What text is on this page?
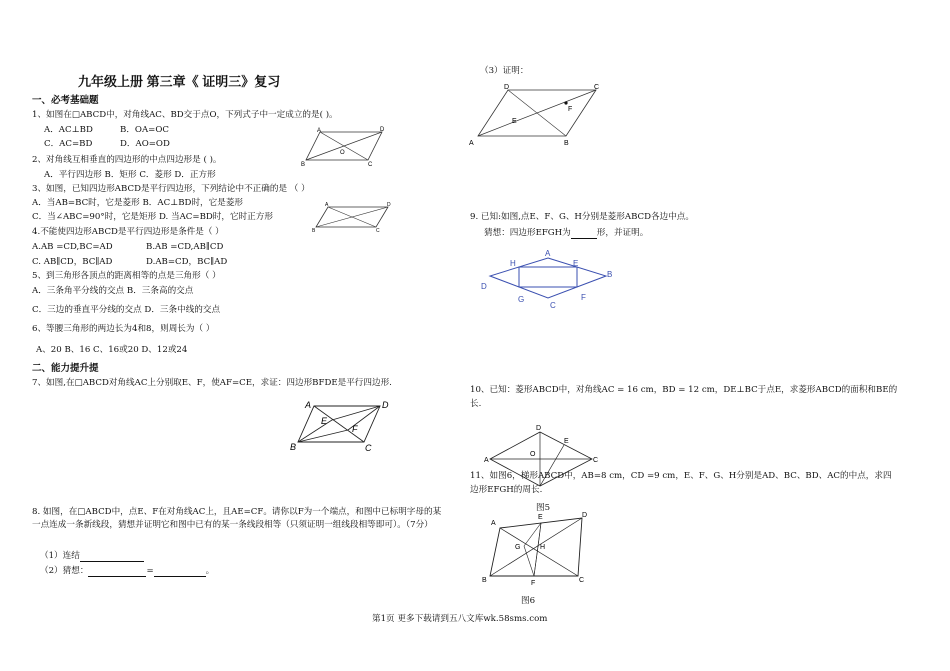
九年级上册 第三章《 证明三》复习
一、必考基础题
1、如图在□ABCD中，对角线AC、BD交于点O，下列式子中一定成立的是( )。
A．AC⊥BD	B．OA=OC
C．AC=BD	D．AO=OD
A	D
B	C
O
2、对角线互相垂直的四边形的中点四边形是 ( )。
A．平行四边形 B．矩形 C．菱形 D．正方形
3、如图，已知四边形ABCD是平行四边形，下列结论中不正确的是 （ ）
A．当AB=BC时，它是菱形 B．AC⊥BD时，它是菱形
C．当∠ABC=90°时，它是矩形 D. 当AC=BD时，它时正方形
A	D
B	C
4.不能使四边形ABCD是平行四边形是条件是（ ）
A.AB =CD,BC=AD	B.AB =CD,AB∥CD
C. AB∥CD，BC∥AD	D.AB=CD，BC∥AD
5、到三角形各顶点的距离相等的点是三角形（ ）
A．三条角平分线的交点 B．三条高的交点
C．三边的垂直平分线的交点 D．三条中线的交点
6、等腰三角形的两边长为4和8，则周长为（ ）
A、20 B、16 C、16或20 D、12或24
二、能力提升提
7、如图,在□ABCD对角线AC上分别取E、F，使AF=CE，求证：四边形BFDE是平行四边形.
A	D
B	C
E
F
8. 如图，在□ABCD中，点E、F在对角线AC上，且AE=CF。请你以F为一个端点，和图中已标明字母的某一点连成一条新线段，猜想并证明它和图中已有的某一条线段相等（只须证明一组线段相等即可）。（7分）
（1）连结
（2）猜想：	=	。
（3）证明：
D	C
A	B
E
F
9. 已知:如图,点E、F、G、H分别是菱形ABCD各边中点。
猜想：四边形EFGH为	形，并证明。
A
B
C
D
E
F
G
H
10、已知：菱形ABCD中，对角线AC = 16 cm，BD = 12 cm，DE⊥BC于点E，求菱形ABCD的面积和BE的长.
D
A	C
O
E
11、如图6，梯形ABCD中，AB=8 cm，CD =9 cm，E、F、G、H分别是AD、BC、BD、AC的中点，求四边形EFGH的周长.
图5
A
D
B	C
E
F
G	H
图6
第1页 更多下载请到五八文库wk.58sms.com
